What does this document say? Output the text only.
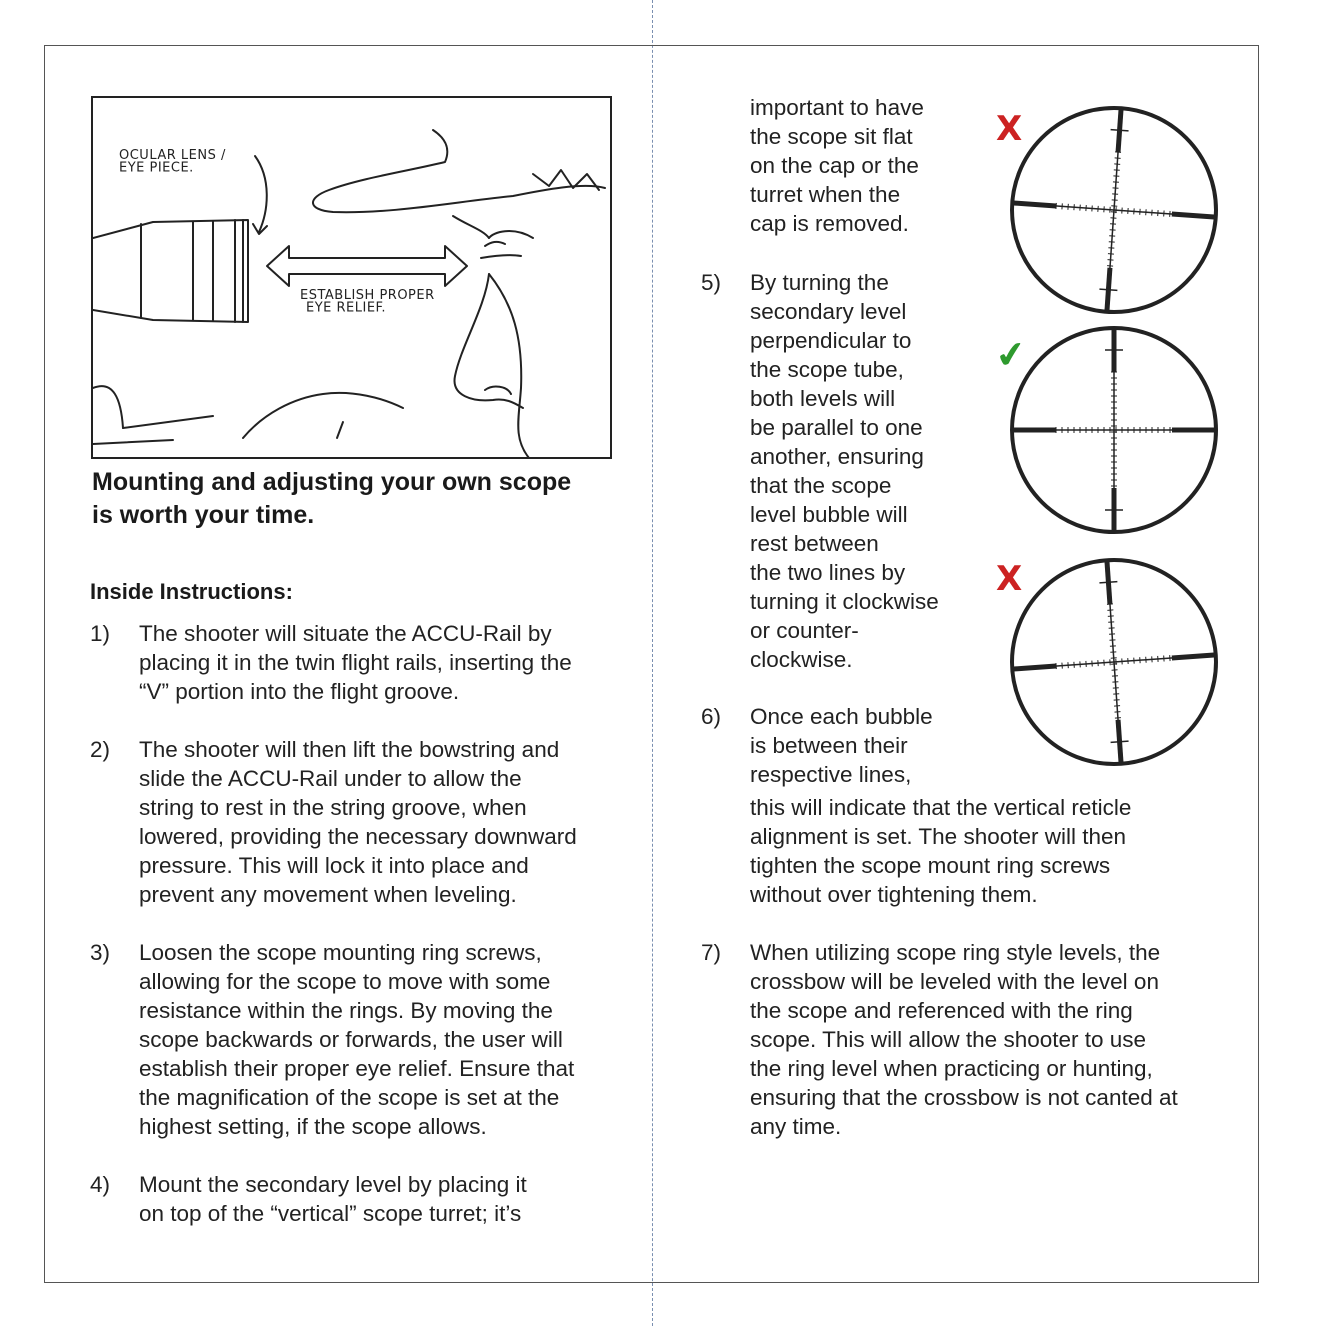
OCULAR LENS /
EYE PIECE.
ESTABLISH PROPER
EYE RELIEF.
Mounting and adjusting your own scope
is worth your time.
Inside Instructions:
1) The shooter will situate the ACCU-Rail by
placing it in the twin flight rails, inserting the
“V” portion into the flight groove.
2) The shooter will then lift the bowstring and
slide the ACCU-Rail under to allow the
string to rest in the string groove, when
lowered, providing the necessary downward
pressure. This will lock it into place and
prevent any movement when leveling.
3) Loosen the scope mounting ring screws,
allowing for the scope to move with some
resistance within the rings. By moving the
scope backwards or forwards, the user will
establish their proper eye relief. Ensure that
the magnification of the scope is set at the
highest setting, if the scope allows.
4) Mount the secondary level by placing it
on top of the “vertical” scope turret; it’s
important to have
the scope sit flat
on the cap or the
turret when the
cap is removed.
5) By turning the
secondary level
perpendicular to
the scope tube,
both levels will
be parallel to one
another, ensuring
that the scope
level bubble will
rest between
the two lines by
turning it clockwise
or counter-
clockwise.
6) Once each bubble
is between their
respective lines,
this will indicate that the vertical reticle
alignment is set. The shooter will then
tighten the scope mount ring screws
without over tightening them.
7) When utilizing scope ring style levels, the
crossbow will be leveled with the level on
the scope and referenced with the ring
scope. This will allow the shooter to use
the ring level when practicing or hunting,
ensuring that the crossbow is not canted at
any time.
X
✔
X
